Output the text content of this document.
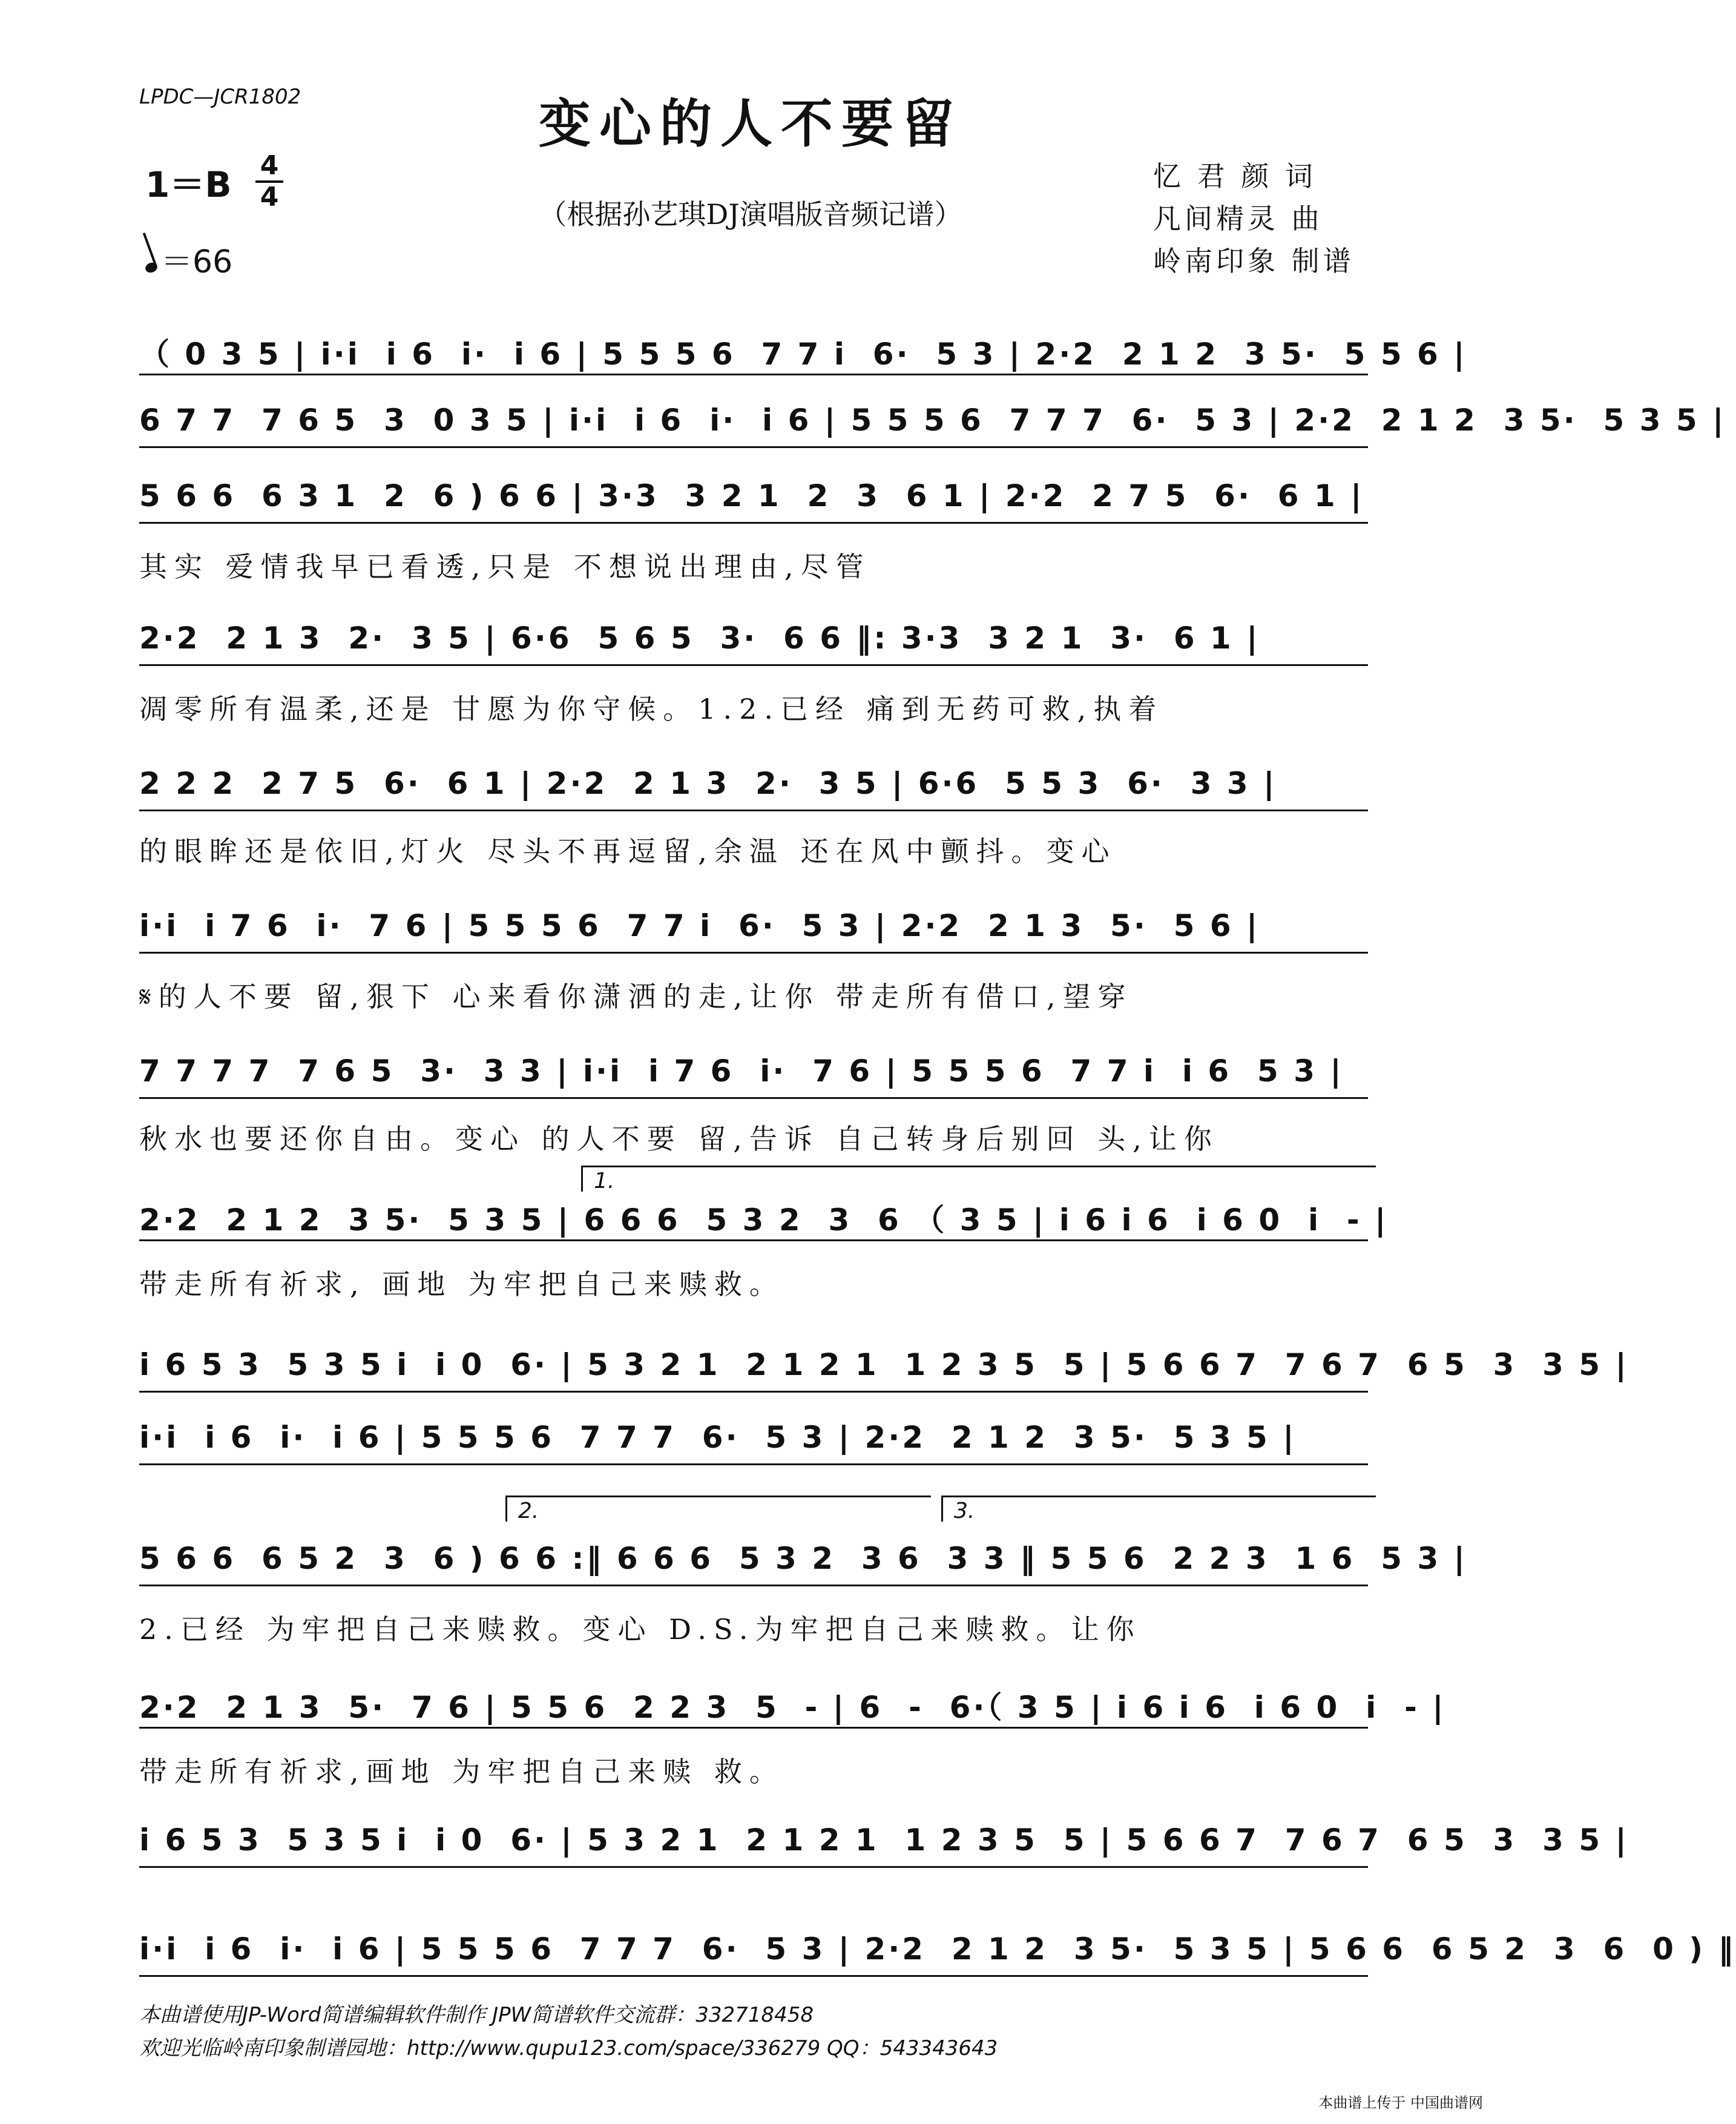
LPDC—JCR1802	变心的人不要留
（根据孙艺琪DJ演唱版音频记谱）
1＝B	4
4
＝66
忆 君 颜 词
凡间精灵 曲
岭南印象 制谱
（ 0 3 5 | i·i  i 6  i·  i 6 | 5 5 5 6  7 7 i  6·  5 3 | 2·2  2 1 2  3 5·  5 5 6 |
6 7 7  7 6 5  3  0 3 5 | i·i  i 6  i·  i 6 | 5 5 5 6  7 7 7  6·  5 3 | 2·2  2 1 2  3 5·  5 3 5 |
5 6 6  6 3 1  2  6 ) 6 6 | 3·3  3 2 1  2  3  6 1 | 2·2  2 7 5  6·  6 1 |
其实 爱情我早已看透,只是 不想说出理由,尽管
2·2  2 1 3  2·  3 5 | 6·6  5 6 5  3·  6 6 ‖: 3·3  3 2 1  3·  6 1 |
凋零所有温柔,还是 甘愿为你守候。1.2.已经 痛到无药可救,执着
2 2 2  2 7 5  6·  6 1 | 2·2  2 1 3  2·  3 5 | 6·6  5 5 3  6·  3 3 |
的眼眸还是依旧,灯火 尽头不再逗留,余温 还在风中颤抖。变心
i·i  i 7 6  i·  7 6 | 5 5 5 6  7 7 i  6·  5 3 | 2·2  2 1 3  5·  5 6 |
𝄋的人不要 留,狠下 心来看你潇洒的走,让你 带走所有借口,望穿
7 7 7 7  7 6 5  3·  3 3 | i·i  i 7 6  i·  7 6 | 5 5 5 6  7 7 i  i 6  5 3 |
秋水也要还你自由。变心 的人不要 留,告诉 自己转身后别回 头,让你
2·2  2 1 2  3 5·  5 3 5 | 6 6 6  5 3 2  3  6 （ 3 5 | i 6 i 6  i 6 0  i  - |
带走所有祈求, 画地 为牢把自己来赎救。
i 6 5 3  5 3 5 i  i 0  6· | 5 3 2 1  2 1 2 1  1 2 3 5  5 | 5 6 6 7  7 6 7  6 5  3  3 5 |
i·i  i 6  i·  i 6 | 5 5 5 6  7 7 7  6·  5 3 | 2·2  2 1 2  3 5·  5 3 5 |
5 6 6  6 5 2  3  6 ) 6 6 :‖ 6 6 6  5 3 2  3 6  3 3 ‖ 5 5 6  2 2 3  1 6  5 3 |
2.已经 为牢把自己来赎救。变心 D.S.为牢把自己来赎救。让你
2·2  2 1 3  5·  7 6 | 5 5 6  2 2 3  5  - | 6  -  6·（ 3 5 | i 6 i 6  i 6 0  i  - |
带走所有祈求,画地 为牢把自己来赎 救。
i 6 5 3  5 3 5 i  i 0  6· | 5 3 2 1  2 1 2 1  1 2 3 5  5 | 5 6 6 7  7 6 7  6 5  3  3 5 |
i·i  i 6  i·  i 6 | 5 5 5 6  7 7 7  6·  5 3 | 2·2  2 1 2  3 5·  5 3 5 | 5 6 6  6 5 2  3  6  0 ) ‖
1.
2.	3.
本曲谱使用JP-Word简谱编辑软件制作 JPW简谱软件交流群：332718458
欢迎光临岭南印象制谱园地：http://www.qupu123.com/space/336279 QQ：543343643
本曲谱上传于 中国曲谱网
